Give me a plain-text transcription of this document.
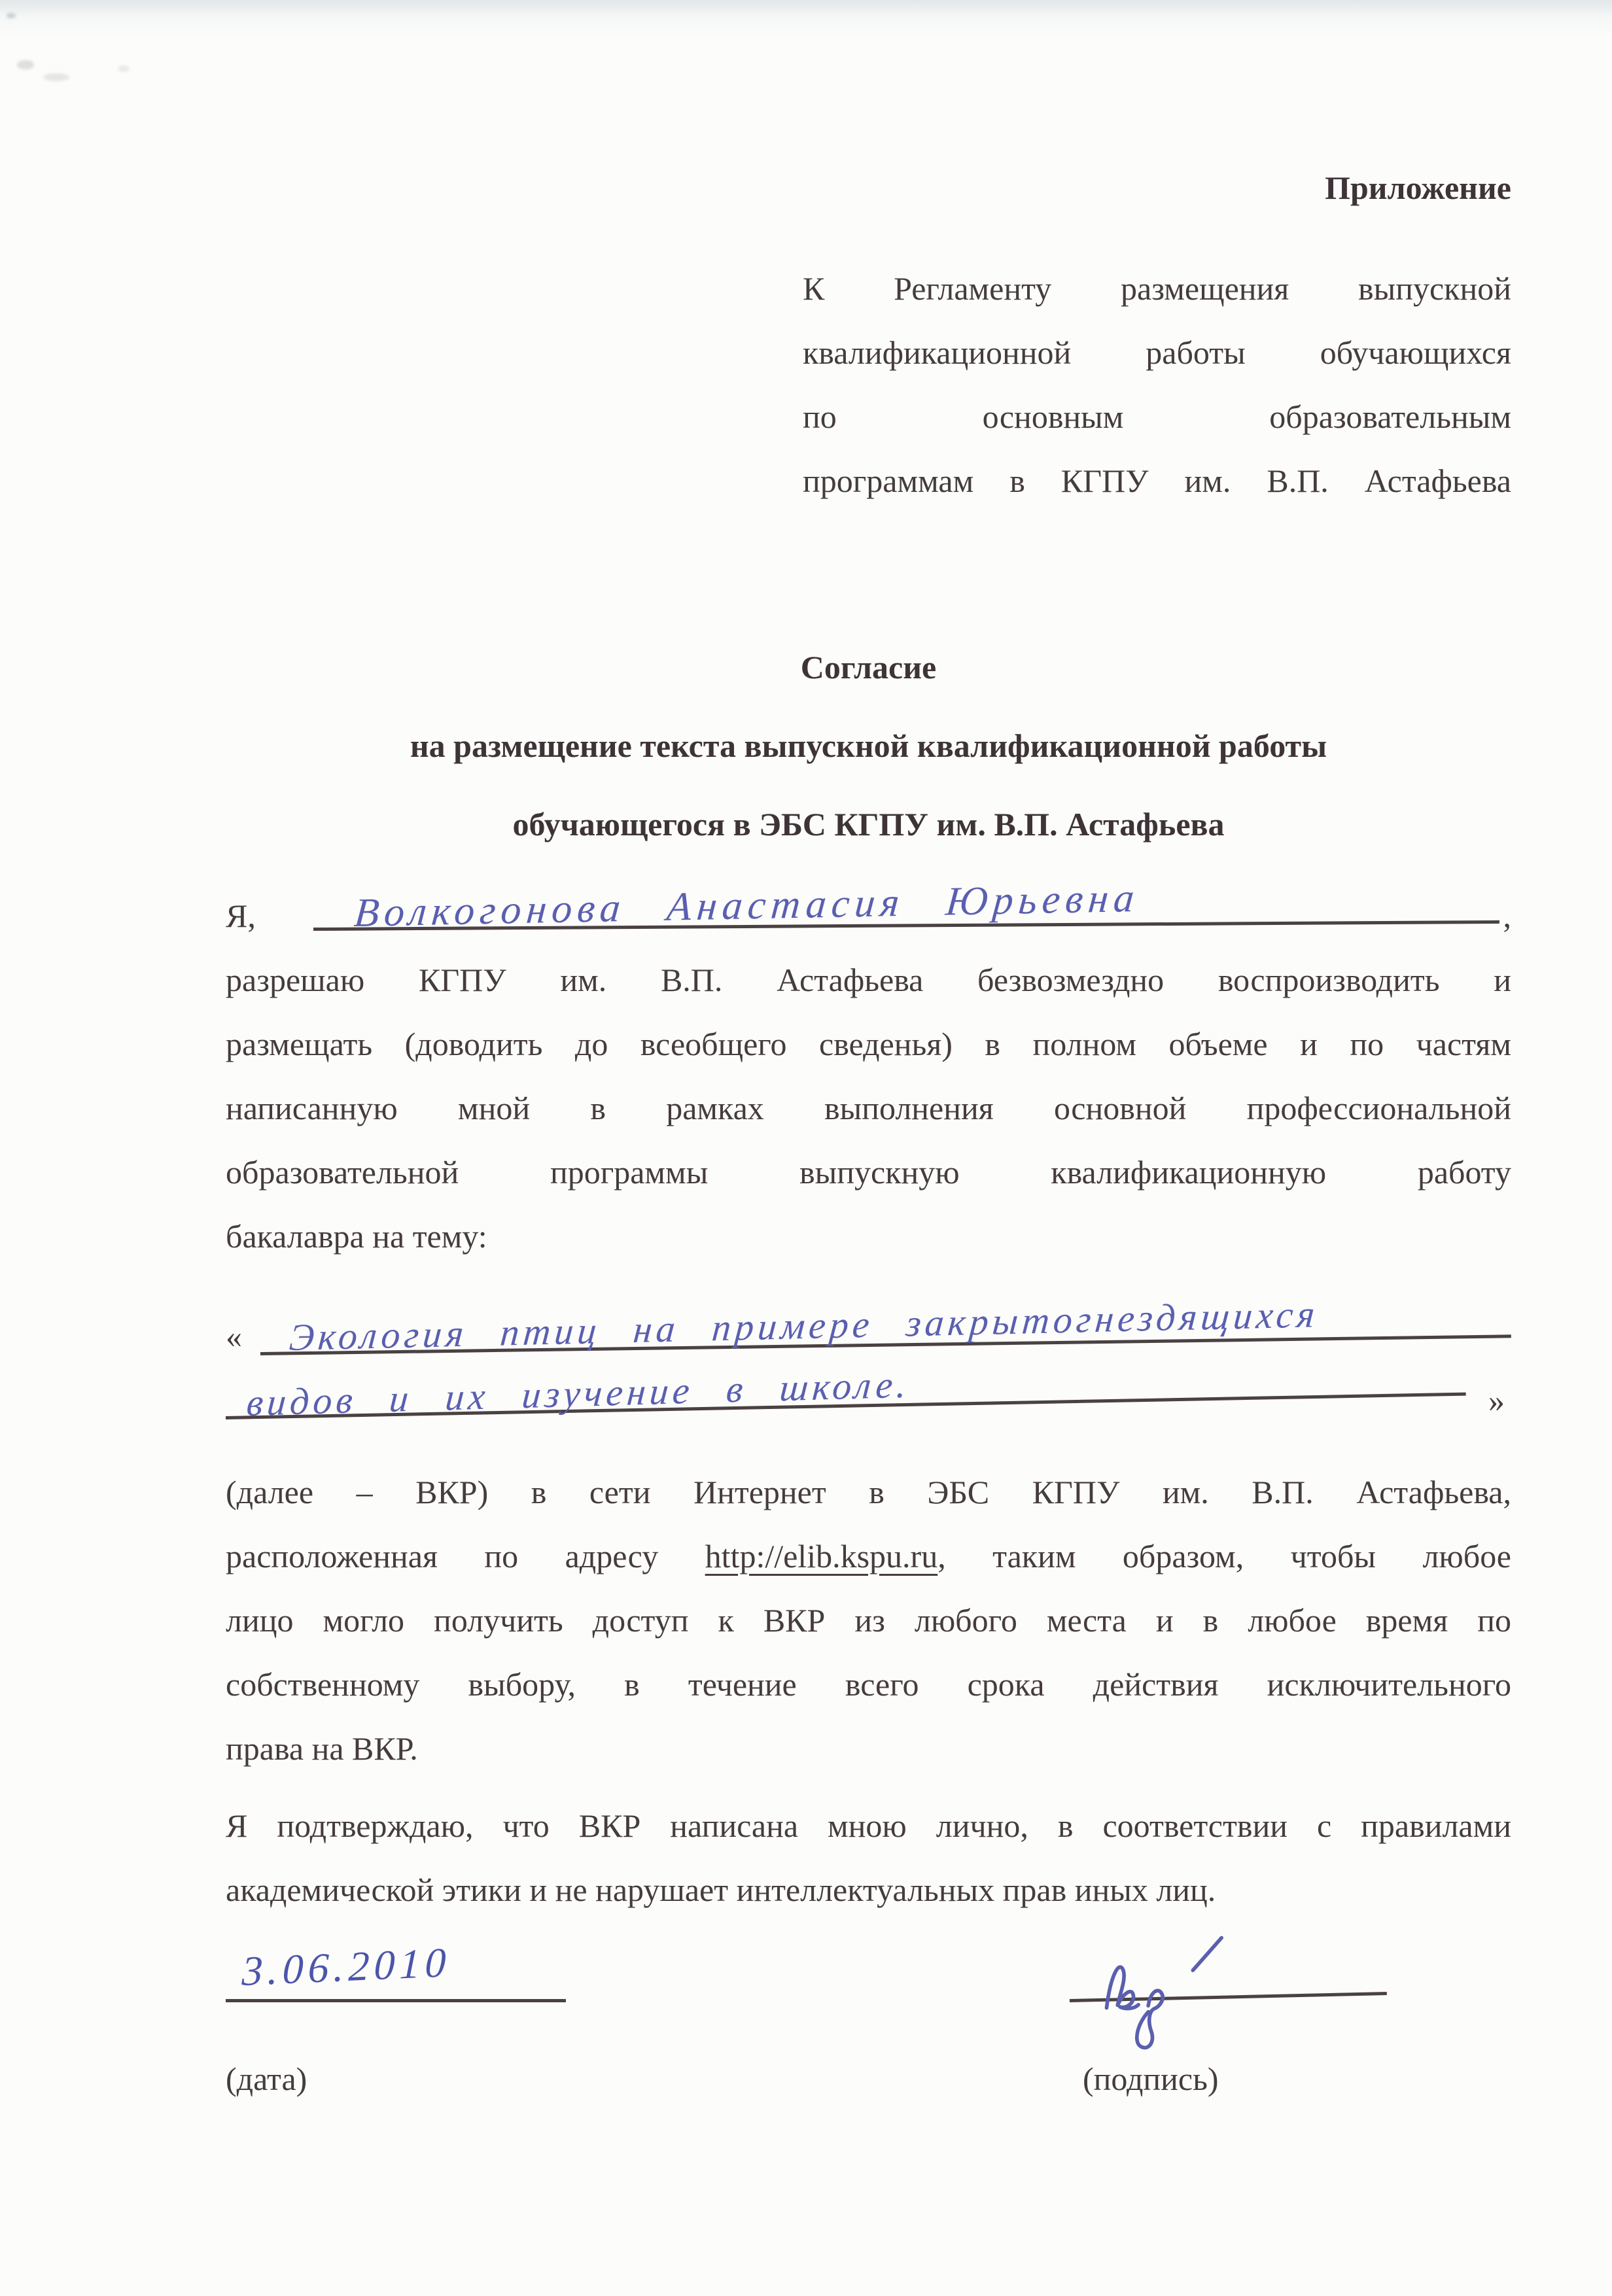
Приложение
К Регламенту размещения выпускной
квалификационной работы обучающихся
по основным образовательным
программам в КГПУ им. В.П. Астафьева
Согласие
на размещение текста выпускной квалификационной работы
обучающегося в ЭБС КГПУ им. В.П. Астафьева
Я, Волкогонова Анастасия Юрьевна	,
разрешаю КГПУ им. В.П. Астафьева безвозмездно воспроизводить и
размещать (доводить до всеобщего сведенья) в полном объеме и по частям
написанную мной в рамках выполнения основной профессиональной
образовательной программы выпускную квалификационную работу
бакалавра на тему:
« Экология птиц на примере закрытогнездящихся
видов и их изучение в школе.	»
(далее – ВКР) в сети Интернет в ЭБС КГПУ им. В.П. Астафьева,
расположенная по адресу http://elib.kspu.ru, таким образом, чтобы любое
лицо могло получить доступ к ВКР из любого места и в любое время по
собственному выбору, в течение всего срока действия исключительного
права на ВКР.
Я подтверждаю, что ВКР написана мною лично, в соответствии с правилами
академической этики и не нарушает интеллектуальных прав иных лиц.
3.06.2010
(дата)	(подпись)
